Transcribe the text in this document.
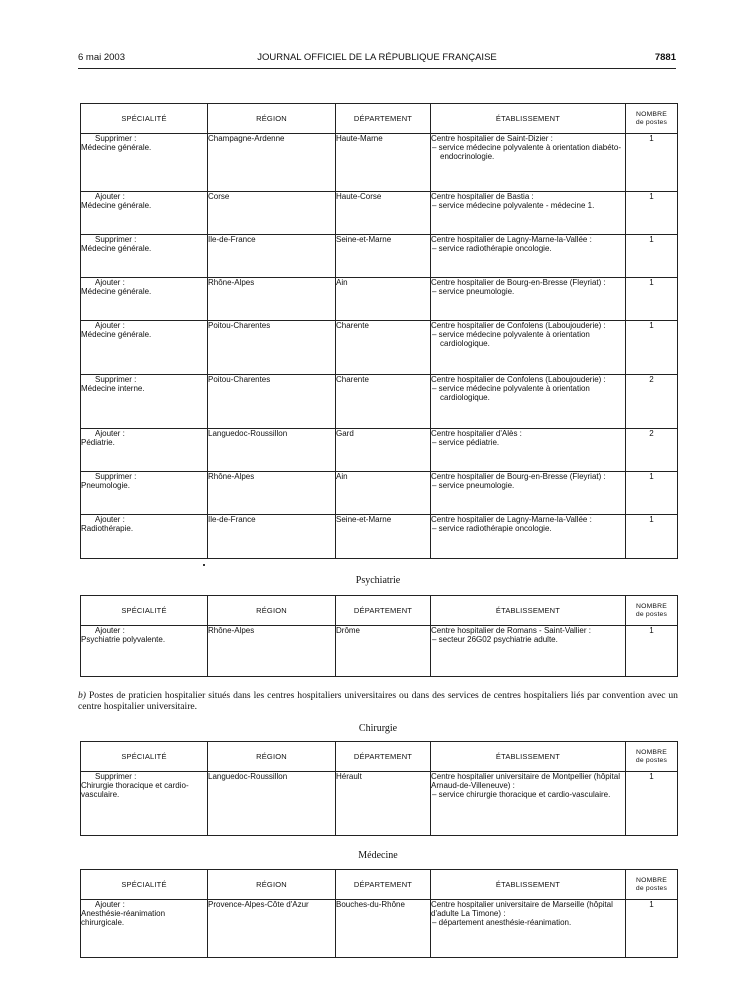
6 mai 2003	JOURNAL OFFICIEL DE LA RÉPUBLIQUE FRANÇAISE	7881
SPÉCIALITÉ	RÉGION	DÉPARTEMENT	ÉTABLISSEMENT	NOMBRE
de postes

Supprimer :
Médecine générale.	Champagne-Ardenne	Haute-Marne	Centre hospitalier de Saint-Dizier :
– service médecine polyvalente à orientation diabéto-endocrinologie.	1

Ajouter :
Médecine générale.	Corse	Haute-Corse	Centre hospitalier de Bastia :
– service médecine polyvalente - médecine 1.	1

Supprimer :
Médecine générale.	Ile-de-France	Seine-et-Marne	Centre hospitalier de Lagny-Marne-la-Vallée :
– service radiothérapie oncologie.	1

Ajouter :
Médecine générale.	Rhône-Alpes	Ain	Centre hospitalier de Bourg-en-Bresse (Fleyriat) :
– service pneumologie.	1

Ajouter :
Médecine générale.	Poitou-Charentes	Charente	Centre hospitalier de Confolens (Laboujouderie) :
– service médecine polyvalente à orientation cardiologique.	1

Supprimer :
Médecine interne.	Poitou-Charentes	Charente	Centre hospitalier de Confolens (Laboujouderie) :
– service médecine polyvalente à orientation cardiologique.	2

Ajouter :
Pédiatrie.	Languedoc-Roussillon	Gard	Centre hospitalier d'Alès :
– service pédiatrie.	2

Supprimer :
Pneumologie.	Rhône-Alpes	Ain	Centre hospitalier de Bourg-en-Bresse (Fleyriat) :
– service pneumologie.	1

Ajouter :
Radiothérapie.	Ile-de-France	Seine-et-Marne	Centre hospitalier de Lagny-Marne-la-Vallée :
– service radiothérapie oncologie.	1
Psychiatrie
SPÉCIALITÉ	RÉGION	DÉPARTEMENT	ÉTABLISSEMENT	NOMBRE
de postes

Ajouter :
Psychiatrie polyvalente.	Rhône-Alpes	Drôme	Centre hospitalier de Romans - Saint-Vallier :
– secteur 26G02 psychiatrie adulte.	1
b) Postes de praticien hospitalier situés dans les centres hospitaliers universitaires ou dans des services de centres hospitaliers liés par convention avec un centre hospitalier universitaire.
Chirurgie
SPÉCIALITÉ	RÉGION	DÉPARTEMENT	ÉTABLISSEMENT	NOMBRE
de postes

Supprimer :
Chirurgie thoracique et cardio-vasculaire.	Languedoc-Roussillon	Hérault	Centre hospitalier universitaire de Montpellier (hôpital Arnaud-de-Villeneuve) :
– service chirurgie thoracique et cardio-vasculaire.	1
Médecine
SPÉCIALITÉ	RÉGION	DÉPARTEMENT	ÉTABLISSEMENT	NOMBRE
de postes

Ajouter :
Anesthésie-réanimation chirurgicale.	Provence-Alpes-Côte d'Azur	Bouches-du-Rhône	Centre hospitalier universitaire de Marseille (hôpital d'adulte La Timone) :
– département anesthésie-réanimation.	1
